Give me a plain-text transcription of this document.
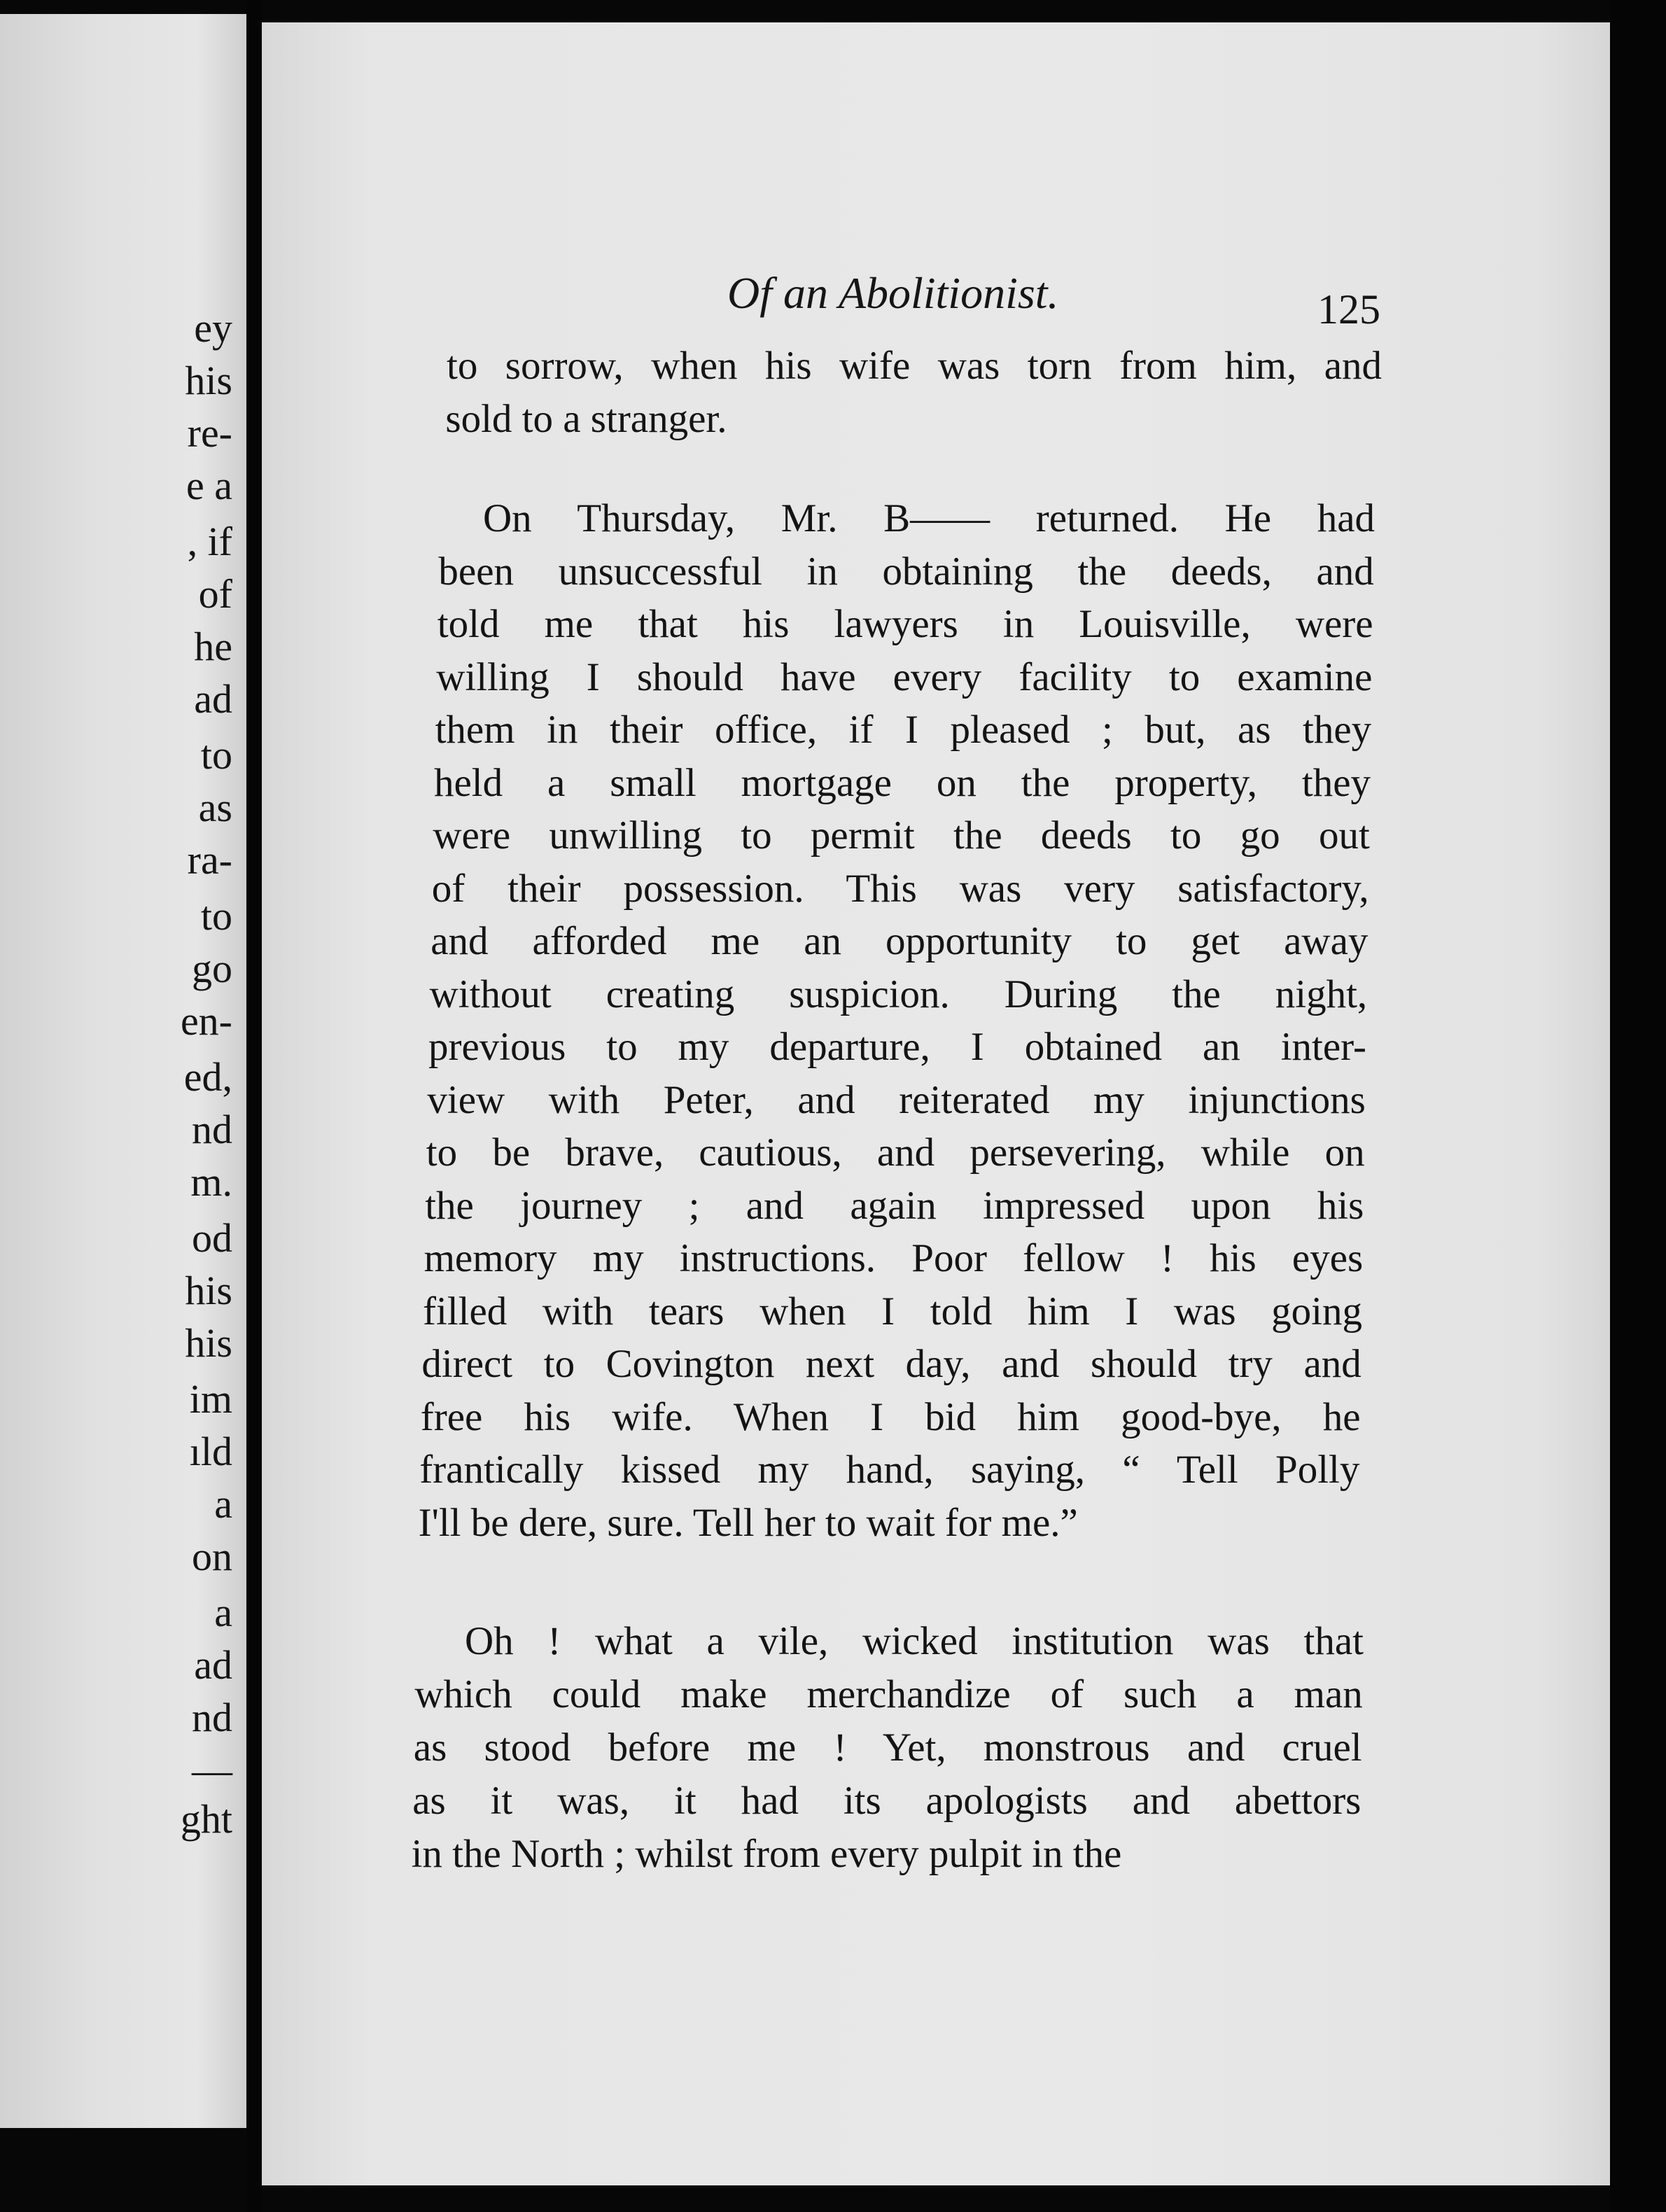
ey
his
re-
e a
, if
of
he
ad
to
as
ra-
to
go
en-
ed,
nd
m.
od
his
his
im
ıld
a
on
a
ad
nd
—
ght
Of an Abolitionist.	125
to sorrow, when his wife was torn from him, and
sold to a stranger.
On Thursday, Mr. B—— returned. He had
been unsuccessful in obtaining the deeds, and
told me that his lawyers in Louisville, were
willing I should have every facility to examine
them in their office, if I pleased ; but, as they
held a small mortgage on the property, they
were unwilling to permit the deeds to go out
of their possession. This was very satisfactory,
and afforded me an opportunity to get away
without creating suspicion. During the night,
previous to my departure, I obtained an inter-
view with Peter, and reiterated my injunctions
to be brave, cautious, and persevering, while on
the journey ; and again impressed upon his
memory my instructions. Poor fellow ! his eyes
filled with tears when I told him I was going
direct to Covington next day, and should try and
free his wife. When I bid him good-bye, he
frantically kissed my hand, saying, “ Tell Polly
I'll be dere, sure. Tell her to wait for me.”
Oh ! what a vile, wicked institution was that
which could make merchandize of such a man
as stood before me ! Yet, monstrous and cruel
as it was, it had its apologists and abettors
in the North ; whilst from every pulpit in the
